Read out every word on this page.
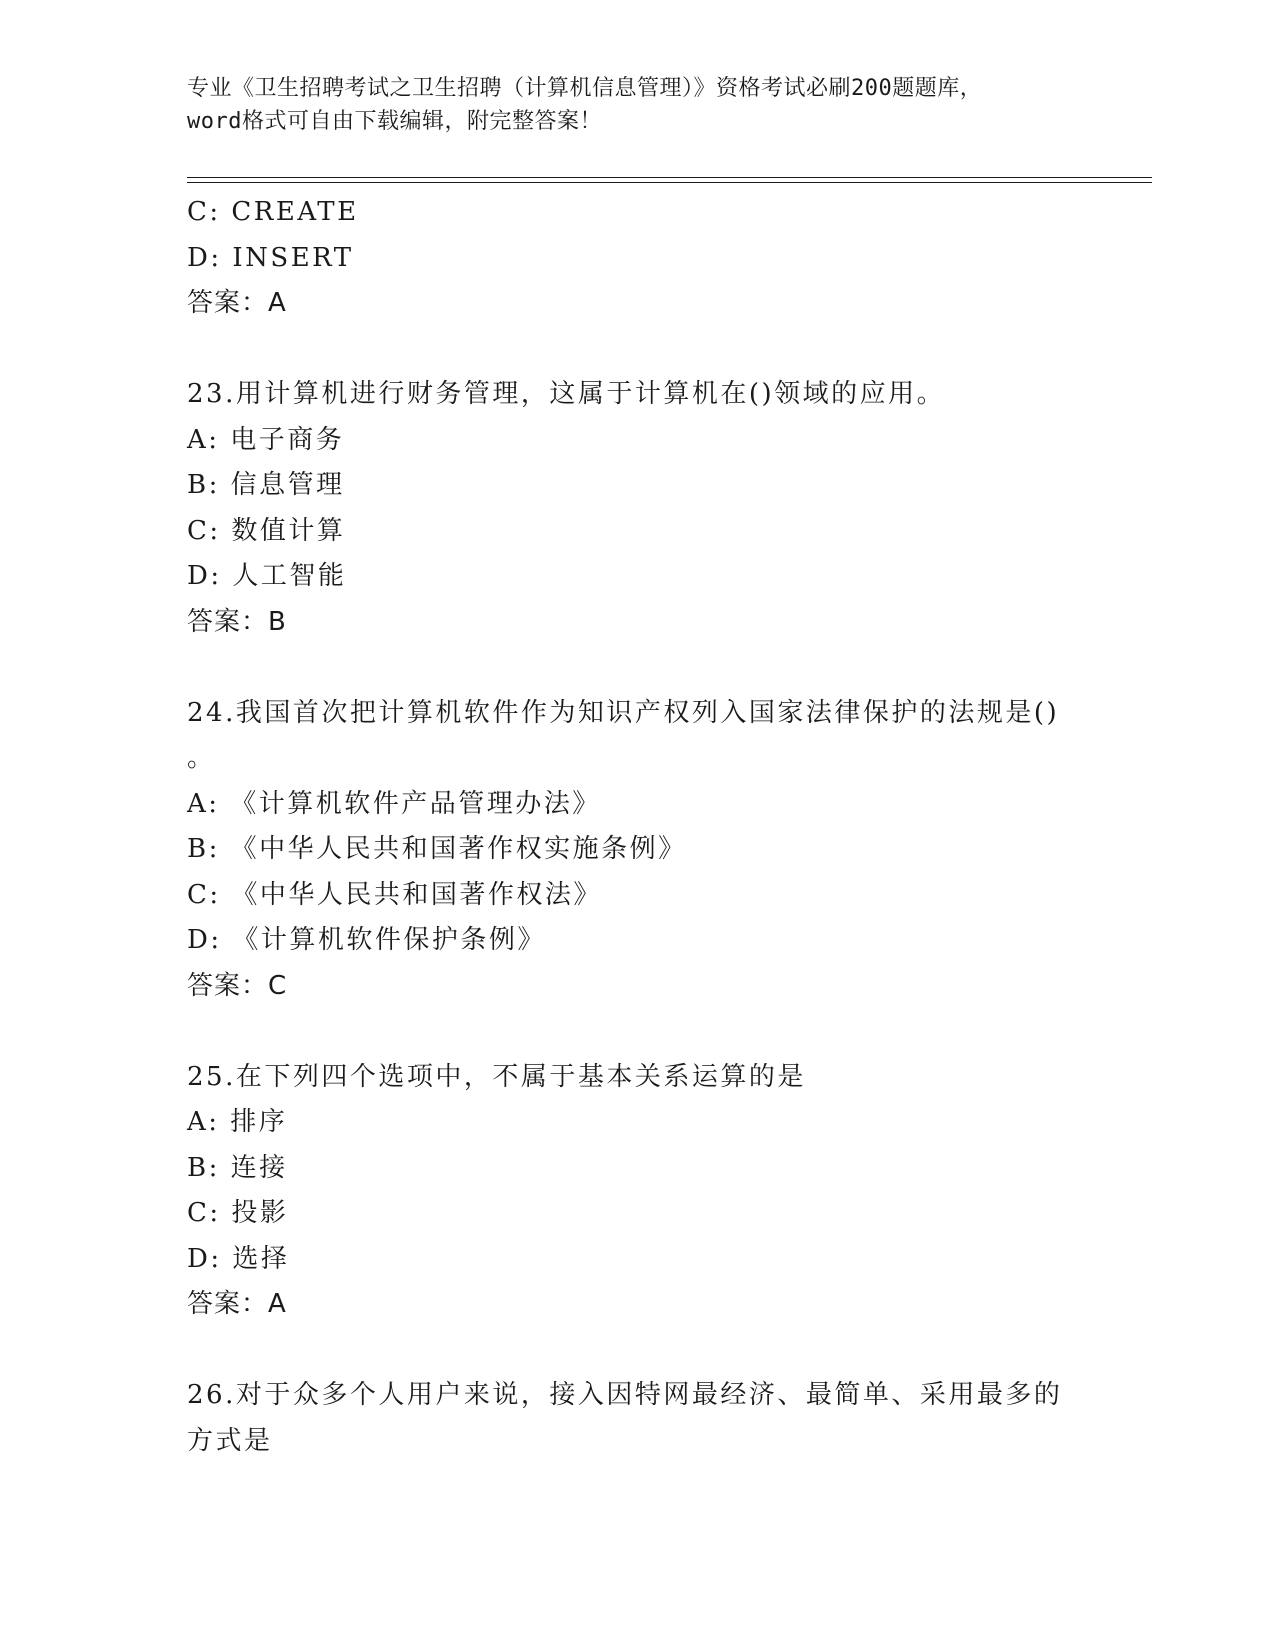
专业《卫生招聘考试之卫生招聘（计算机信息管理）》资格考试必刷200题题库，
word格式可自由下载编辑，附完整答案！
C: CREATE
D: INSERT
答案：A
23.用计算机进行财务管理，这属于计算机在()领域的应用。
A: 电子商务
B: 信息管理
C: 数值计算
D: 人工智能
答案：B
24.我国首次把计算机软件作为知识产权列入国家法律保护的法规是()
。
A: 《计算机软件产品管理办法》
B: 《中华人民共和国著作权实施条例》
C: 《中华人民共和国著作权法》
D: 《计算机软件保护条例》
答案：C
25.在下列四个选项中，不属于基本关系运算的是
A: 排序
B: 连接
C: 投影
D: 选择
答案：A
26.对于众多个人用户来说，接入因特网最经济、最简单、采用最多的
方式是
